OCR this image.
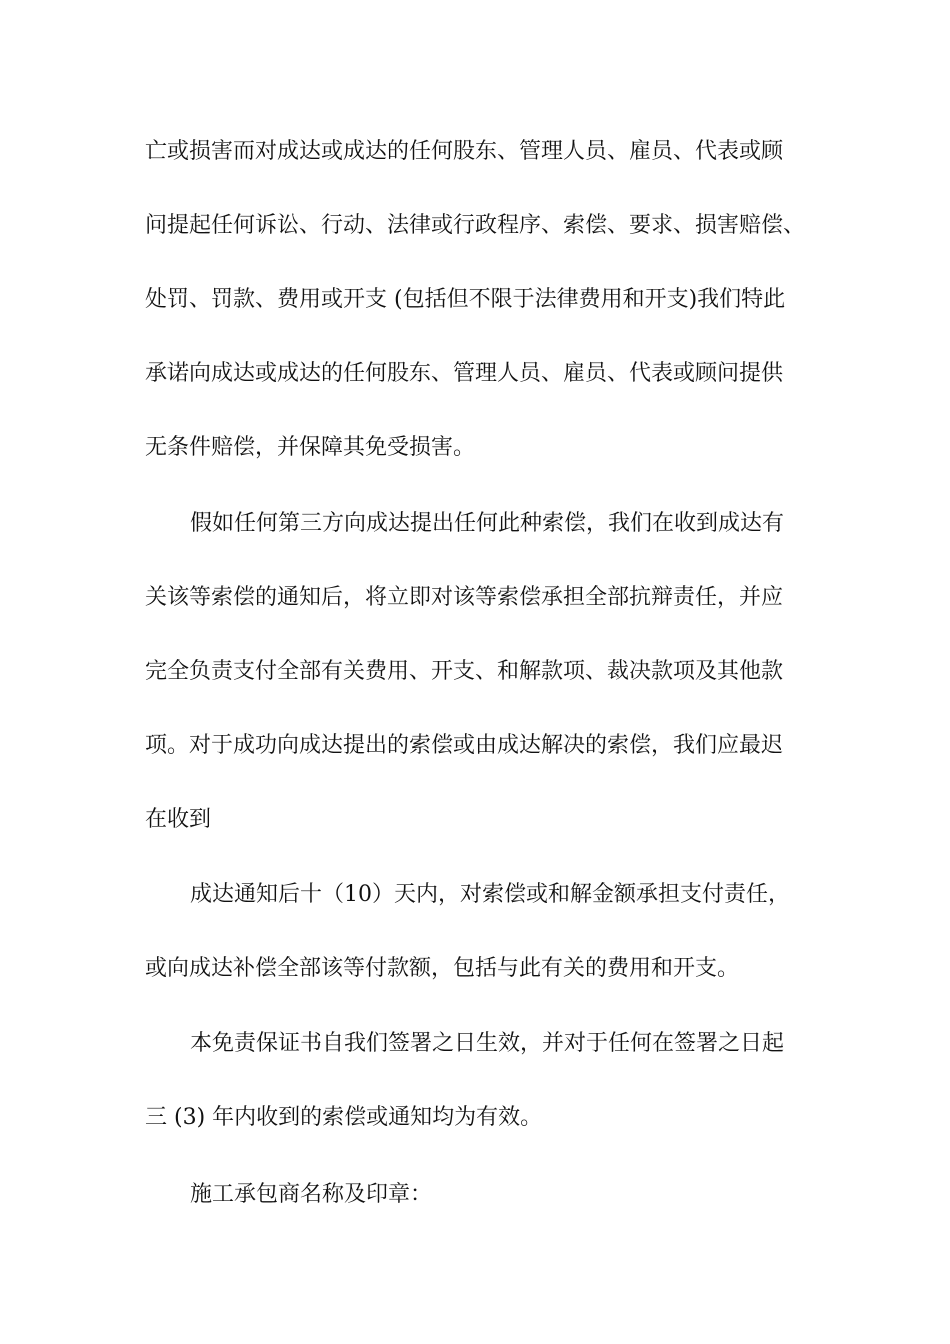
亡或损害而对成达或成达的任何股东、管理人员、雇员、代表或顾

问提起任何诉讼、行动、法律或行政程序、索偿、要求、损害赔偿、

处罚、罚款、费用或开支 (包括但不限于法律费用和开支)我们特此

承诺向成达或成达的任何股东、管理人员、雇员、代表或顾问提供

无条件赔偿，并保障其免受损害。

假如任何第三方向成达提出任何此种索偿，我们在收到成达有

关该等索偿的通知后，将立即对该等索偿承担全部抗辩责任，并应

完全负责支付全部有关费用、开支、和解款项、裁决款项及其他款

项。对于成功向成达提出的索偿或由成达解决的索偿，我们应最迟

在收到

成达通知后十（10）天内，对索偿或和解金额承担支付责任，

或向成达补偿全部该等付款额，包括与此有关的费用和开支。

本免责保证书自我们签署之日生效，并对于任何在签署之日起

三 (3) 年内收到的索偿或通知均为有效。

施工承包商名称及印章：
